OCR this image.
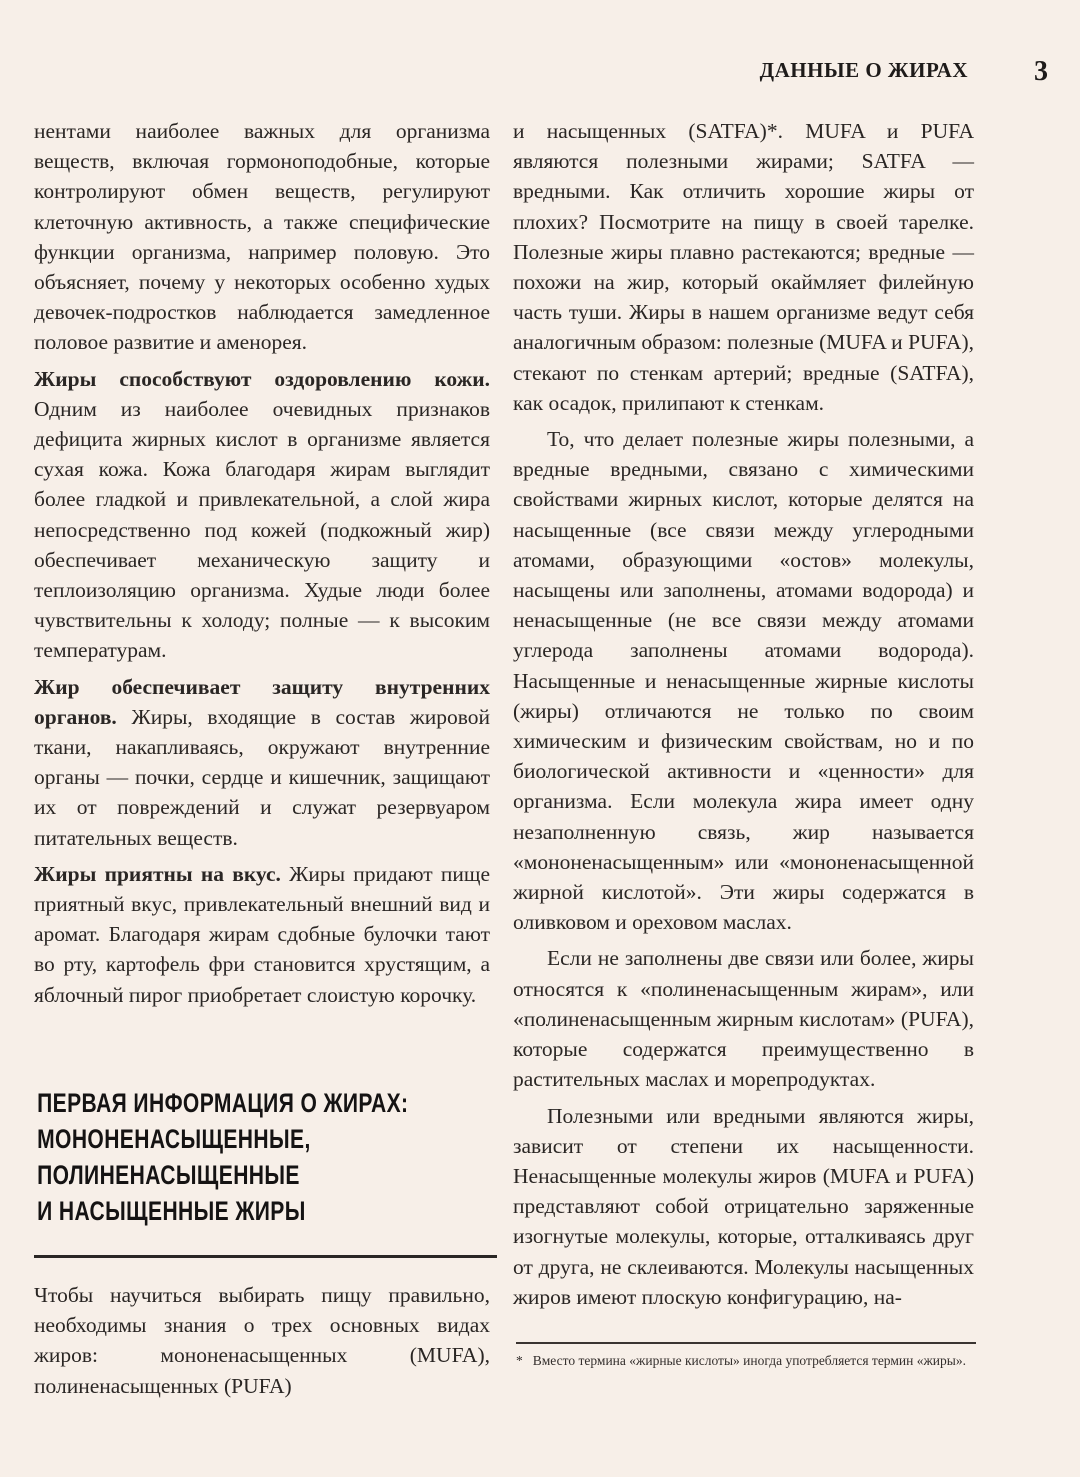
ДАННЫЕ О ЖИРАХ 3

нентами наиболее важных для организма веществ, включая гормоноподобные, которые контролируют обмен веществ, регулируют клеточную активность, а также специфические функции организма, например половую. Это объясняет, почему у некоторых особенно худых девочек-подростков наблюдается замедленное половое развитие и аменорея.

Жиры способствуют оздоровлению кожи. Одним из наиболее очевидных признаков дефицита жирных кислот в организме является сухая кожа. Кожа благодаря жирам выглядит более гладкой и привлекательной, а слой жира непосредственно под кожей (подкожный жир) обеспечивает механическую защиту и теплоизоляцию организма. Худые люди более чувствительны к холоду; полные — к высоким температурам.

Жир обеспечивает защиту внутренних органов. Жиры, входящие в состав жировой ткани, накапливаясь, окружают внутренние органы — почки, сердце и кишечник, защищают их от повреждений и служат резервуаром питательных веществ.

Жиры приятны на вкус. Жиры придают пище приятный вкус, привлекательный внешний вид и аромат. Благодаря жирам сдобные булочки тают во рту, картофель фри становится хрустящим, а яблочный пирог приобретает слоистую корочку.

ПЕРВАЯ ИНФОРМАЦИЯ О ЖИРАХ:
МОНОНЕНАСЫЩЕННЫЕ,
ПОЛИНЕНАСЫЩЕННЫЕ
И НАСЫЩЕННЫЕ ЖИРЫ
Чтобы научиться выбирать пищу правильно, необходимы знания о трех основных видах жиров: мононенасыщенных (MUFA), полиненасыщенных (PUFA)

и насыщенных (SATFA)*. MUFA и PUFA являются полезными жирами; SATFA — вредными. Как отличить хорошие жиры от плохих? Посмотрите на пищу в своей тарелке. Полезные жиры плавно растекаются; вредные — похожи на жир, который окаймляет филейную часть туши. Жиры в нашем организме ведут себя аналогичным образом: полезные (MUFA и PUFA), стекают по стенкам артерий; вредные (SATFA), как осадок, прилипают к стенкам.

То, что делает полезные жиры полезными, а вредные вредными, связано с химическими свойствами жирных кислот, которые делятся на насыщенные (все связи между углеродными атомами, образующими «остов» молекулы, насыщены или заполнены, атомами водорода) и ненасыщенные (не все связи между атомами углерода заполнены атомами водорода). Насыщенные и ненасыщенные жирные кислоты (жиры) отличаются не только по своим химическим и физическим свойствам, но и по биологической активности и «ценности» для организма. Если молекула жира имеет одну незаполненную связь, жир называется «мононенасыщенным» или «мононенасыщенной жирной кислотой». Эти жиры содержатся в оливковом и ореховом маслах.

Если не заполнены две связи или более, жиры относятся к «полиненасыщенным жирам», или «полиненасыщенным жирным кислотам» (PUFA), которые содержатся преимущественно в растительных маслах и морепродуктах.

Полезными или вредными являются жиры, зависит от степени их насыщенности. Ненасыщенные молекулы жиров (MUFA и PUFA) представляют собой отрицательно заряженные изогнутые молекулы, которые, отталкиваясь друг от друга, не склеиваются. Молекулы насыщенных жиров имеют плоскую конфигурацию, на-

* Вместо термина «жирные кислоты» иногда употребляется термин «жиры».
